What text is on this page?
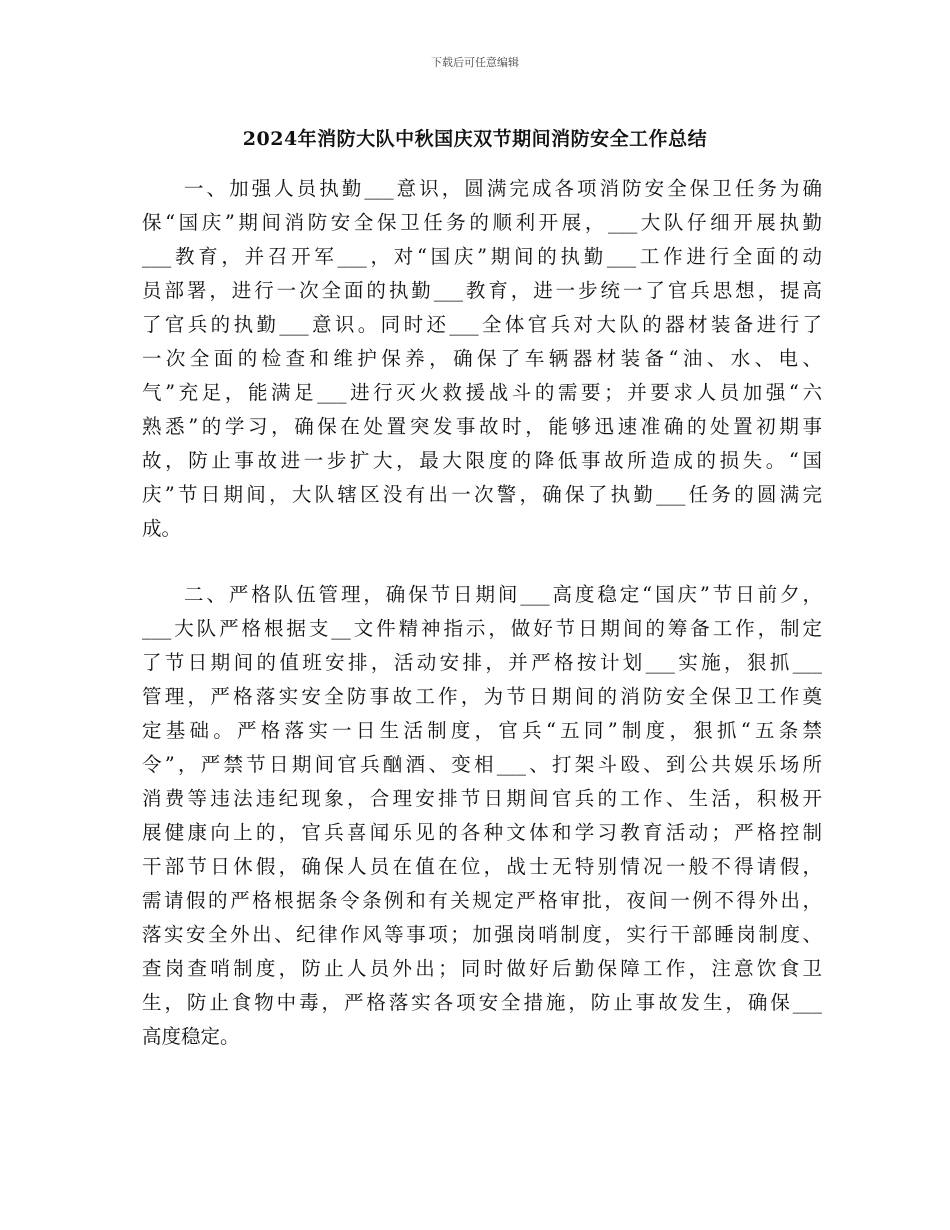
下载后可任意编辑
2024年消防大队中秋国庆双节期间消防安全工作总结
一、加强人员执勤___意识，圆满完成各项消防安全保卫任务为确
保“国庆”期间消防安全保卫任务的顺利开展，___大队仔细开展执勤
___教育，并召开军___，对“国庆”期间的执勤___工作进行全面的动
员部署，进行一次全面的执勤___教育，进一步统一了官兵思想，提高
了官兵的执勤___意识。同时还___全体官兵对大队的器材装备进行了
一次全面的检查和维护保养，确保了车辆器材装备“油、水、电、
气”充足，能满足___进行灭火救援战斗的需要；并要求人员加强“六
熟悉”的学习，确保在处置突发事故时，能够迅速准确的处置初期事
故，防止事故进一步扩大，最大限度的降低事故所造成的损失。“国
庆”节日期间，大队辖区没有出一次警，确保了执勤___任务的圆满完
成。
二、严格队伍管理，确保节日期间___高度稳定“国庆”节日前夕，
___大队严格根据支__文件精神指示，做好节日期间的筹备工作，制定
了节日期间的值班安排，活动安排，并严格按计划___实施，狠抓___
管理，严格落实安全防事故工作，为节日期间的消防安全保卫工作奠
定基础。严格落实一日生活制度，官兵“五同”制度，狠抓“五条禁
令”，严禁节日期间官兵酗酒、变相___、打架斗殴、到公共娱乐场所
消费等违法违纪现象，合理安排节日期间官兵的工作、生活，积极开
展健康向上的，官兵喜闻乐见的各种文体和学习教育活动；严格控制
干部节日休假，确保人员在值在位，战士无特别情况一般不得请假，
需请假的严格根据条令条例和有关规定严格审批，夜间一例不得外出，
落实安全外出、纪律作风等事项；加强岗哨制度，实行干部睡岗制度、
查岗查哨制度，防止人员外出；同时做好后勤保障工作，注意饮食卫
生，防止食物中毒，严格落实各项安全措施，防止事故发生，确保___
高度稳定。
